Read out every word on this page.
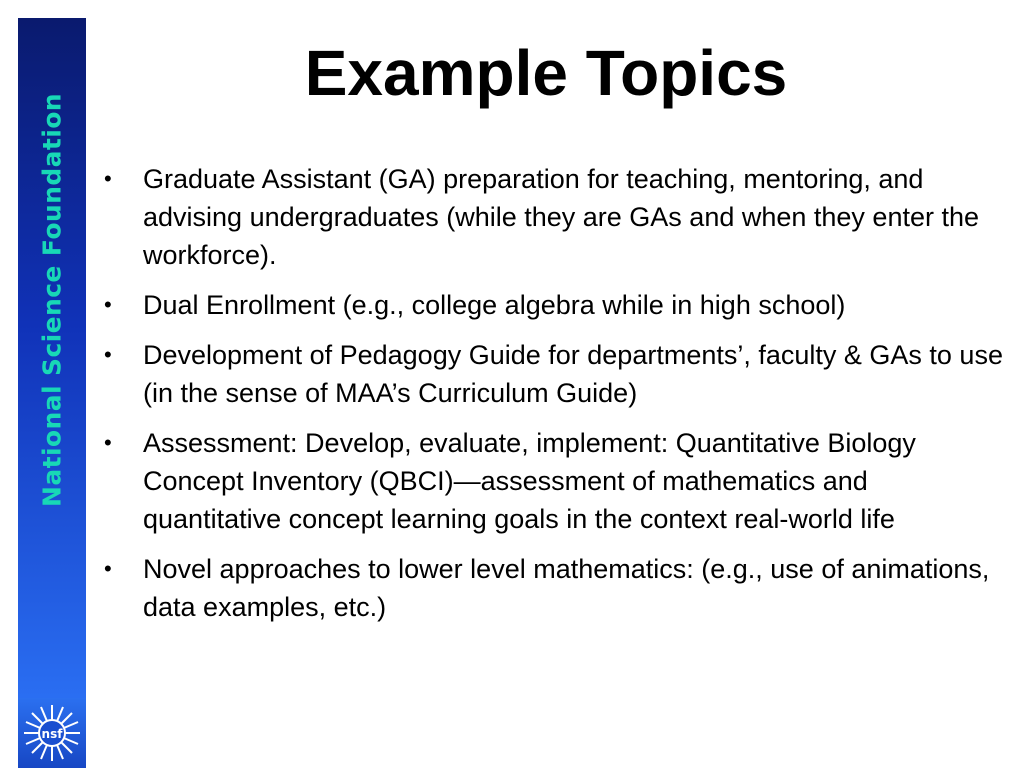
National Science Foundation
nsf
Example Topics
• Graduate Assistant (GA) preparation for teaching, mentoring, and advising undergraduates (while they are GAs and when they enter the workforce).
• Dual Enrollment (e.g., college algebra while in high school)
• Development of Pedagogy Guide for departments’, faculty & GAs to use (in the sense of MAA’s Curriculum Guide)
• Assessment: Develop, evaluate, implement: Quantitative Biology Concept Inventory (QBCI)—assessment of mathematics and quantitative concept learning goals in the context real-world life
• Novel approaches to lower level mathematics: (e.g., use of animations, data examples, etc.)
